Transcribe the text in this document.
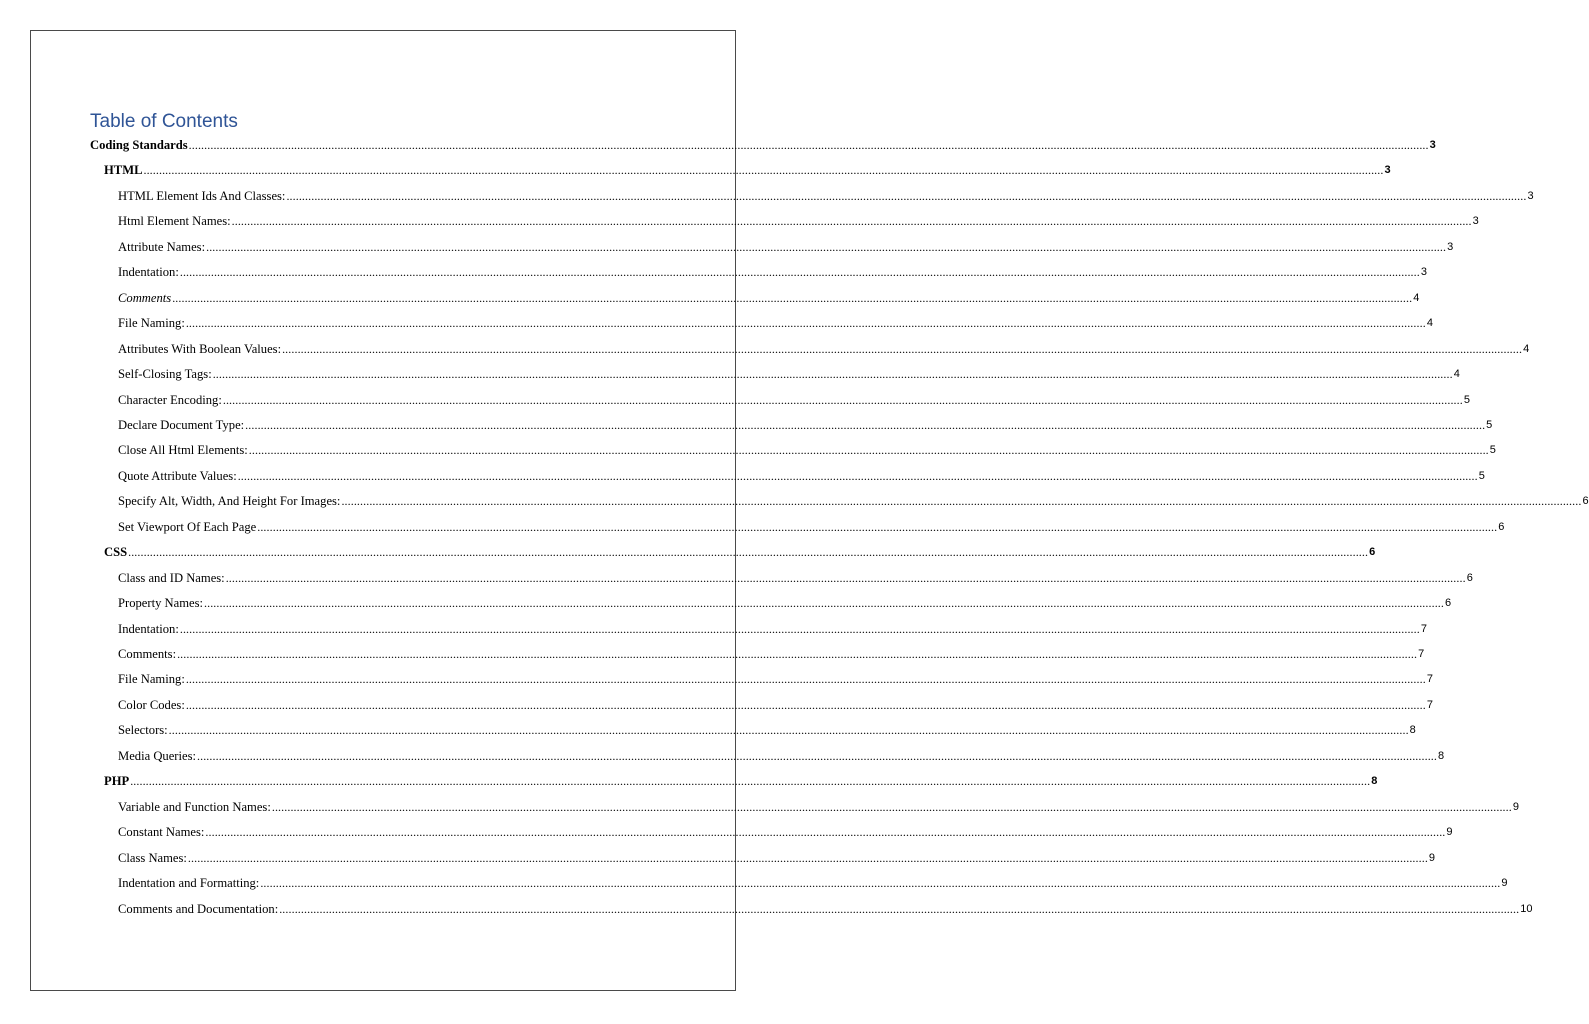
Table of Contents
Coding Standards ................................................................................................................................................................................................................................................................................................................................................................................................................ 3
HTML ................................................................................................................................................................................................................................................................................................................................................................................................................ 3
HTML Element Ids And Classes: ................................................................................................................................................................................................................................................................................................................................................................................................................ 3
Html Element Names: ................................................................................................................................................................................................................................................................................................................................................................................................................ 3
Attribute Names: ................................................................................................................................................................................................................................................................................................................................................................................................................ 3
Indentation: ................................................................................................................................................................................................................................................................................................................................................................................................................ 3
Comments ................................................................................................................................................................................................................................................................................................................................................................................................................ 4
File Naming: ................................................................................................................................................................................................................................................................................................................................................................................................................ 4
Attributes With Boolean Values: ................................................................................................................................................................................................................................................................................................................................................................................................................ 4
Self-Closing Tags: ................................................................................................................................................................................................................................................................................................................................................................................................................ 4
Character Encoding: ................................................................................................................................................................................................................................................................................................................................................................................................................ 5
Declare Document Type: ................................................................................................................................................................................................................................................................................................................................................................................................................ 5
Close All Html Elements: ................................................................................................................................................................................................................................................................................................................................................................................................................ 5
Quote Attribute Values: ................................................................................................................................................................................................................................................................................................................................................................................................................ 5
Specify Alt, Width, And Height For Images: ................................................................................................................................................................................................................................................................................................................................................................................................................ 6
Set Viewport Of Each Page ................................................................................................................................................................................................................................................................................................................................................................................................................ 6
CSS ................................................................................................................................................................................................................................................................................................................................................................................................................ 6
Class and ID Names: ................................................................................................................................................................................................................................................................................................................................................................................................................ 6
Property Names: ................................................................................................................................................................................................................................................................................................................................................................................................................ 6
Indentation: ................................................................................................................................................................................................................................................................................................................................................................................................................ 7
Comments: ................................................................................................................................................................................................................................................................................................................................................................................................................ 7
File Naming: ................................................................................................................................................................................................................................................................................................................................................................................................................ 7
Color Codes: ................................................................................................................................................................................................................................................................................................................................................................................................................ 7
Selectors: ................................................................................................................................................................................................................................................................................................................................................................................................................ 8
Media Queries: ................................................................................................................................................................................................................................................................................................................................................................................................................ 8
PHP ................................................................................................................................................................................................................................................................................................................................................................................................................ 8
Variable and Function Names: ................................................................................................................................................................................................................................................................................................................................................................................................................ 9
Constant Names: ................................................................................................................................................................................................................................................................................................................................................................................................................ 9
Class Names: ................................................................................................................................................................................................................................................................................................................................................................................................................ 9
Indentation and Formatting: ................................................................................................................................................................................................................................................................................................................................................................................................................ 9
Comments and Documentation: ................................................................................................................................................................................................................................................................................................................................................................................................................ 10
